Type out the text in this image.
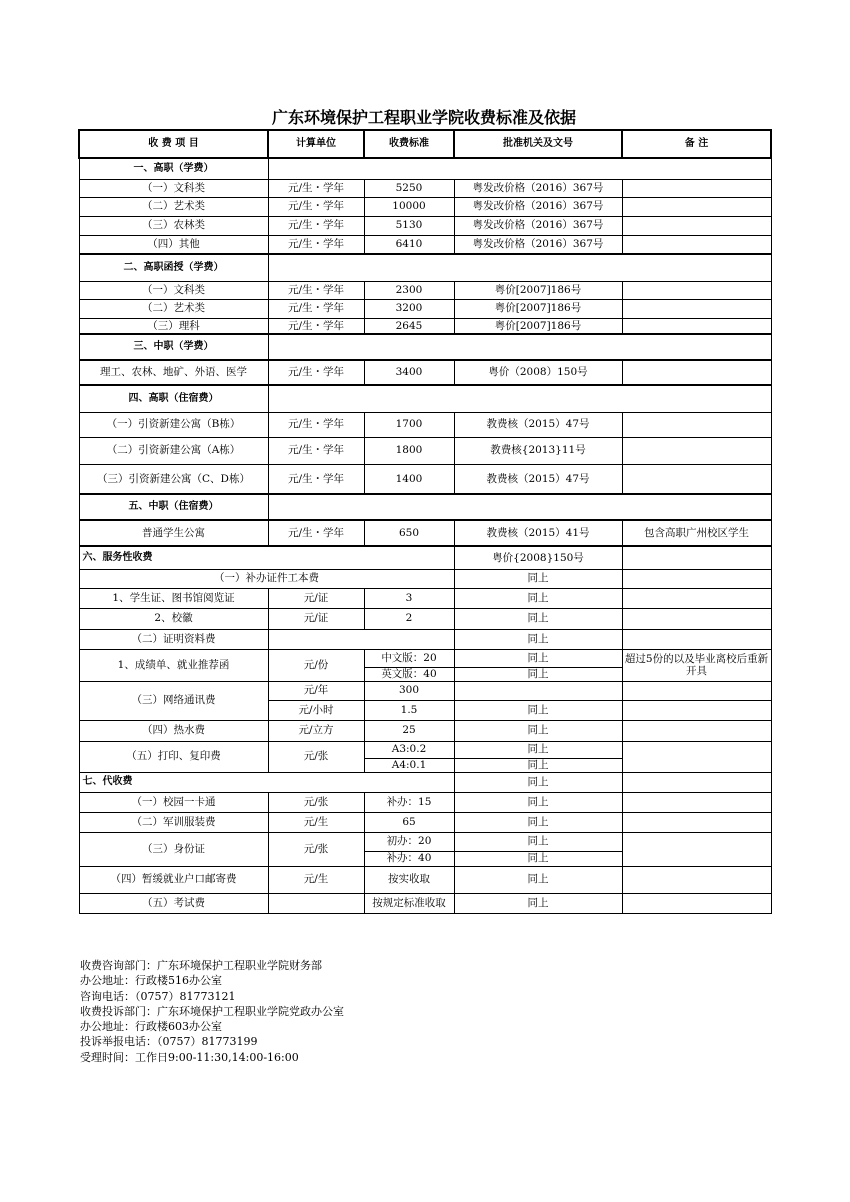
广东环境保护工程职业学院收费标准及依据
收 费 项 目	计算单位	收费标准	批准机关及文号	备 注
一、高职（学费）				
（一）文科类	元/生・学年	5250	粤发改价格（2016）367号	
（二）艺术类	元/生・学年	10000	粤发改价格（2016）367号	
（三）农林类	元/生・学年	5130	粤发改价格（2016）367号	
（四）其他	元/生・学年	6410	粤发改价格（2016）367号	
二、高职函授（学费）				
（一）文科类	元/生・学年	2300	粤价[2007]186号	
（二）艺术类	元/生・学年	3200	粤价[2007]186号	
（三）理科	元/生・学年	2645	粤价[2007]186号	
三、中职（学费）				
理工、农林、地矿、外语、医学	元/生・学年	3400	粤价（2008）150号	
四、高职（住宿费）				
（一）引资新建公寓（B栋）	元/生・学年	1700	教费核（2015）47号	
（二）引资新建公寓（A栋）	元/生・学年	1800	教费核{2013}11号	
（三）引资新建公寓（C、D栋）	元/生・学年	1400	教费核（2015）47号	
五、中职（住宿费）				
普通学生公寓	元/生・学年	650	教费核（2015）41号	包含高职广州校区学生
六、服务性收费			粤价{2008}150号	
（一）补办证件工本费			同上	
1、学生证、图书馆阅览证	元/证	3	同上	
2、校徽	元/证	2	同上	
（二）证明资料费			同上	
1、成绩单、就业推荐函	元/份	中文版：20	同上	超过5份的以及毕业离校后重新开具
		英文版：40	同上	
（三）网络通讯费	元/年	300		
	元/小时	1.5	同上	
（四）热水费	元/立方	25	同上	
（五）打印、复印费	元/张	A3:0.2	同上	
		A4:0.1	同上	
七、代收费			同上	
（一）校园一卡通	元/张	补办：15	同上	
（二）军训服装费	元/生	65	同上	
（三）身份证	元/张	初办：20	同上	
		补办：40	同上	
（四）暂缓就业户口邮寄费	元/生	按实收取	同上	
（五）考试费		按规定标准收取	同上	
收费咨询部门：广东环境保护工程职业学院财务部
办公地址：行政楼516办公室
咨询电话：（0757）81773121
收费投诉部门：广东环境保护工程职业学院党政办公室
办公地址：行政楼603办公室
投诉举报电话：（0757）81773199
受理时间：工作日9:00-11:30,14:00-16:00
